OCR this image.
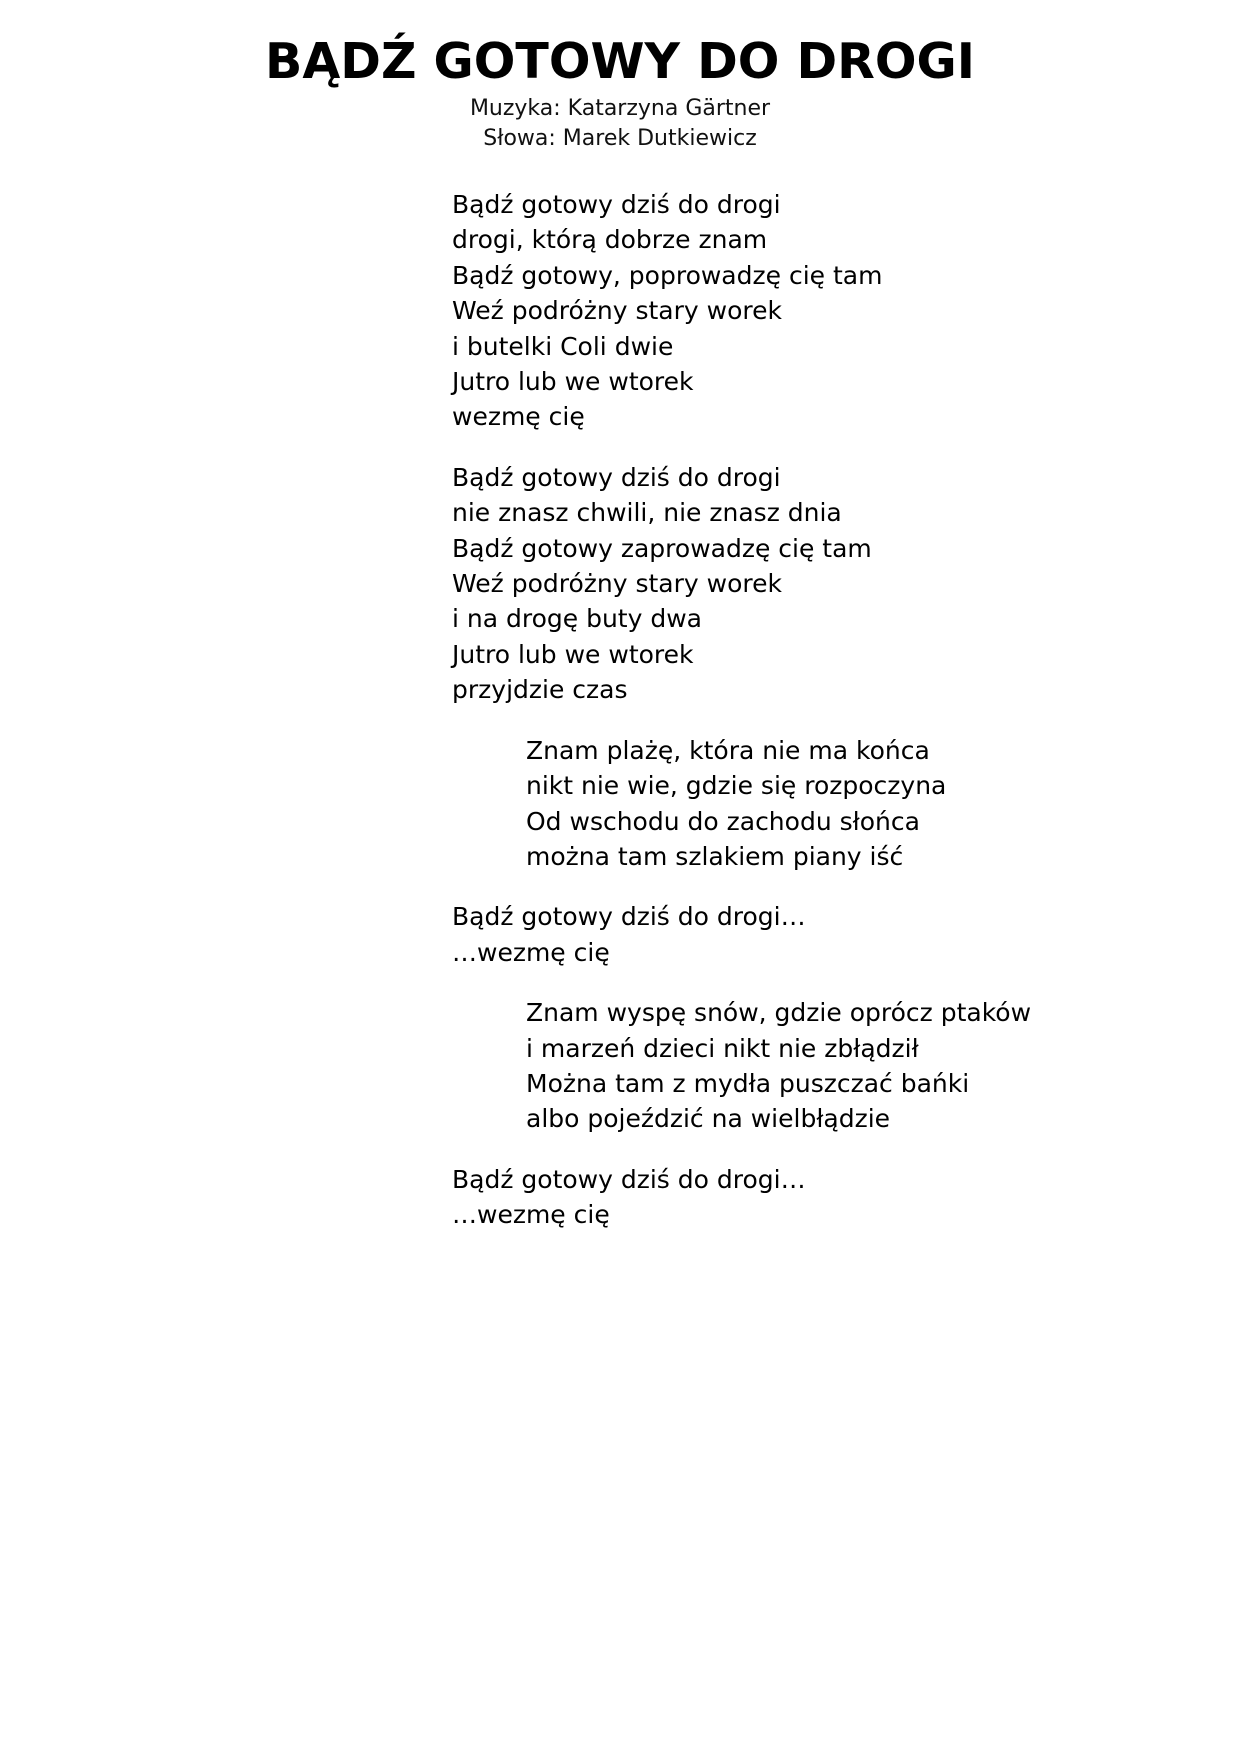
BĄDŹ GOTOWY DO DROGI
Muzyka: Katarzyna Gärtner
Słowa: Marek Dutkiewicz
Bądź gotowy dziś do drogi
drogi, którą dobrze znam
Bądź gotowy, poprowadzę cię tam
Weź podróżny stary worek
i butelki Coli dwie
Jutro lub we wtorek
wezmę cię
Bądź gotowy dziś do drogi
nie znasz chwili, nie znasz dnia
Bądź gotowy zaprowadzę cię tam
Weź podróżny stary worek
i na drogę buty dwa
Jutro lub we wtorek
przyjdzie czas
Znam plażę, która nie ma końca
nikt nie wie, gdzie się rozpoczyna
Od wschodu do zachodu słońca
można tam szlakiem piany iść
Bądź gotowy dziś do drogi…
…wezmę cię
Znam wyspę snów, gdzie oprócz ptaków
i marzeń dzieci nikt nie zbłądził
Można tam z mydła puszczać bańki
albo pojeździć na wielbłądzie
Bądź gotowy dziś do drogi…
…wezmę cię
